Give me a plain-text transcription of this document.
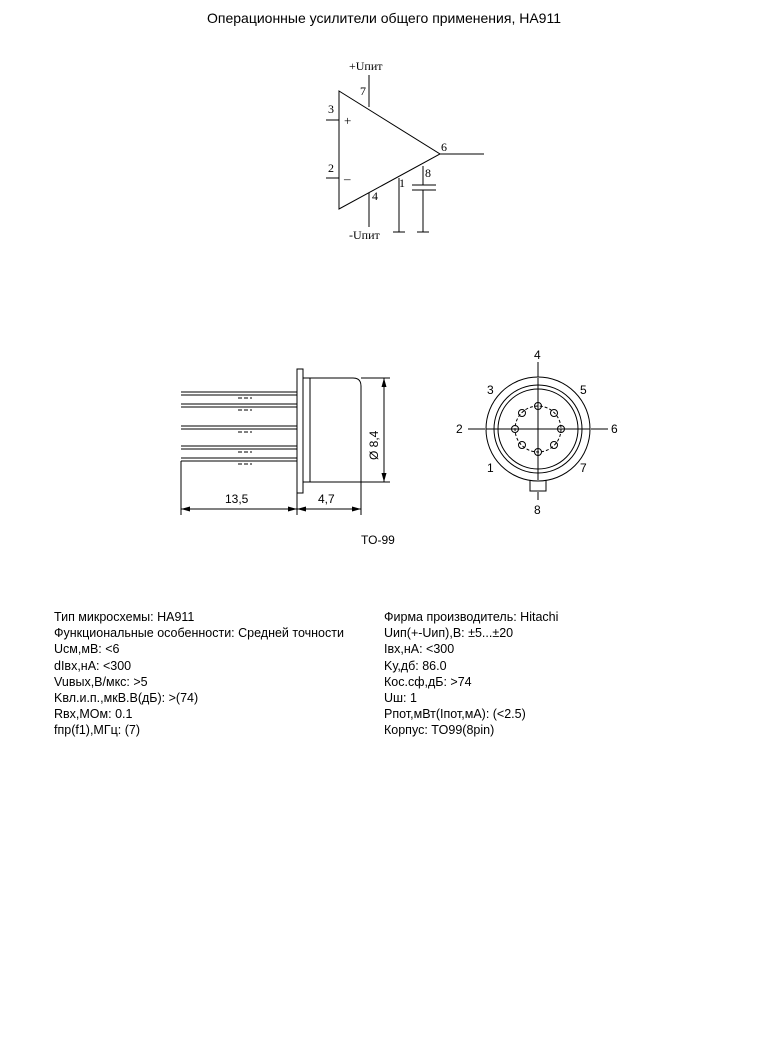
Операционные усилители общего применения, HA911
+Uпит
-Uпит
+
–
7
3
2
6
4
1
8
13,5	4,7
Ø 8,4
TO-99
4
3	5
2	6
1	7
8
Тип микросхемы: HA911
Функциональные особенности: Средней точности
Uсм,мВ: <6
dIвх,нА: <300
Vuвых,В/мкс: >5
Kвл.и.п.,мкВ.В(дБ): >(74)
Rвх,МОм: 0.1
fпр(f1),МГц: (7)
Фирма производитель: Hitachi
Uип(+-Uип),В: ±5...±20
Iвх,нА: <300
Kу,дб: 86.0
Кос.сф,дБ: >74
Uш: 1
Pпот,мВт(Iпот,мА): (<2.5)
Корпус: TO99(8pin)
